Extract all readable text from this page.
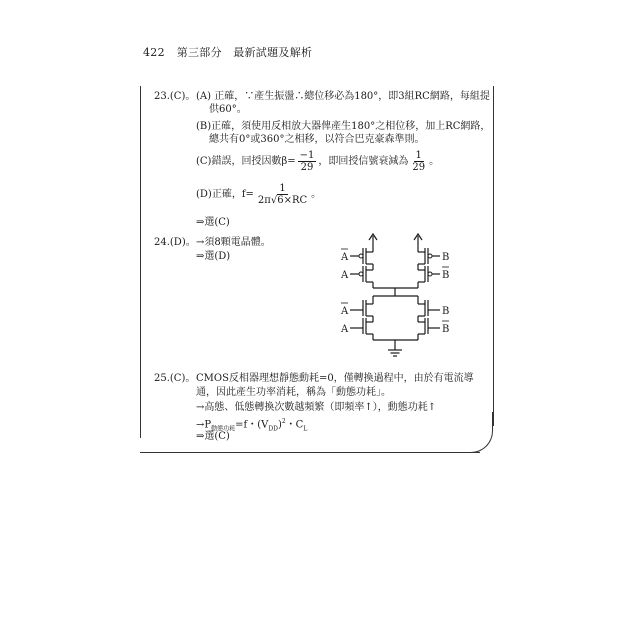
422 第三部分　最新試題及解析
23.(C)。 (A) 正確，∵產生振盪∴總位移必為180°，即3組RC網路，每組提
供60°。
(B)正確，須使用反相放大器俾產生180°之相位移，加上RC網路，
總共有0°或360°之相移，以符合巴克豪森準則。
(C)錯誤，回授因數$\beta= \frac{-1}{29}$ ，即回授信號衰減為 $\frac{1}{29}$ 。
(D)正確，$f= \frac{1}{2\pi√6\times RC}$ 。
⇒選(C)
24.(D)。 →須8顆電晶體。
⇒選(D)	A
A
B
B
A
A
B
B
25.(C)。 CMOS反相器理想靜態動耗=0，僅轉換過程中，由於有電流導
通，因此產生功率消耗，稱為「動態功耗」。
→高態、低態轉換次數越頻繁（即頻率↑），動態功耗↑
$\to P_{動態功耗}=f$・$(V_{DD})^2$・$C_L$
⇒選(C)
